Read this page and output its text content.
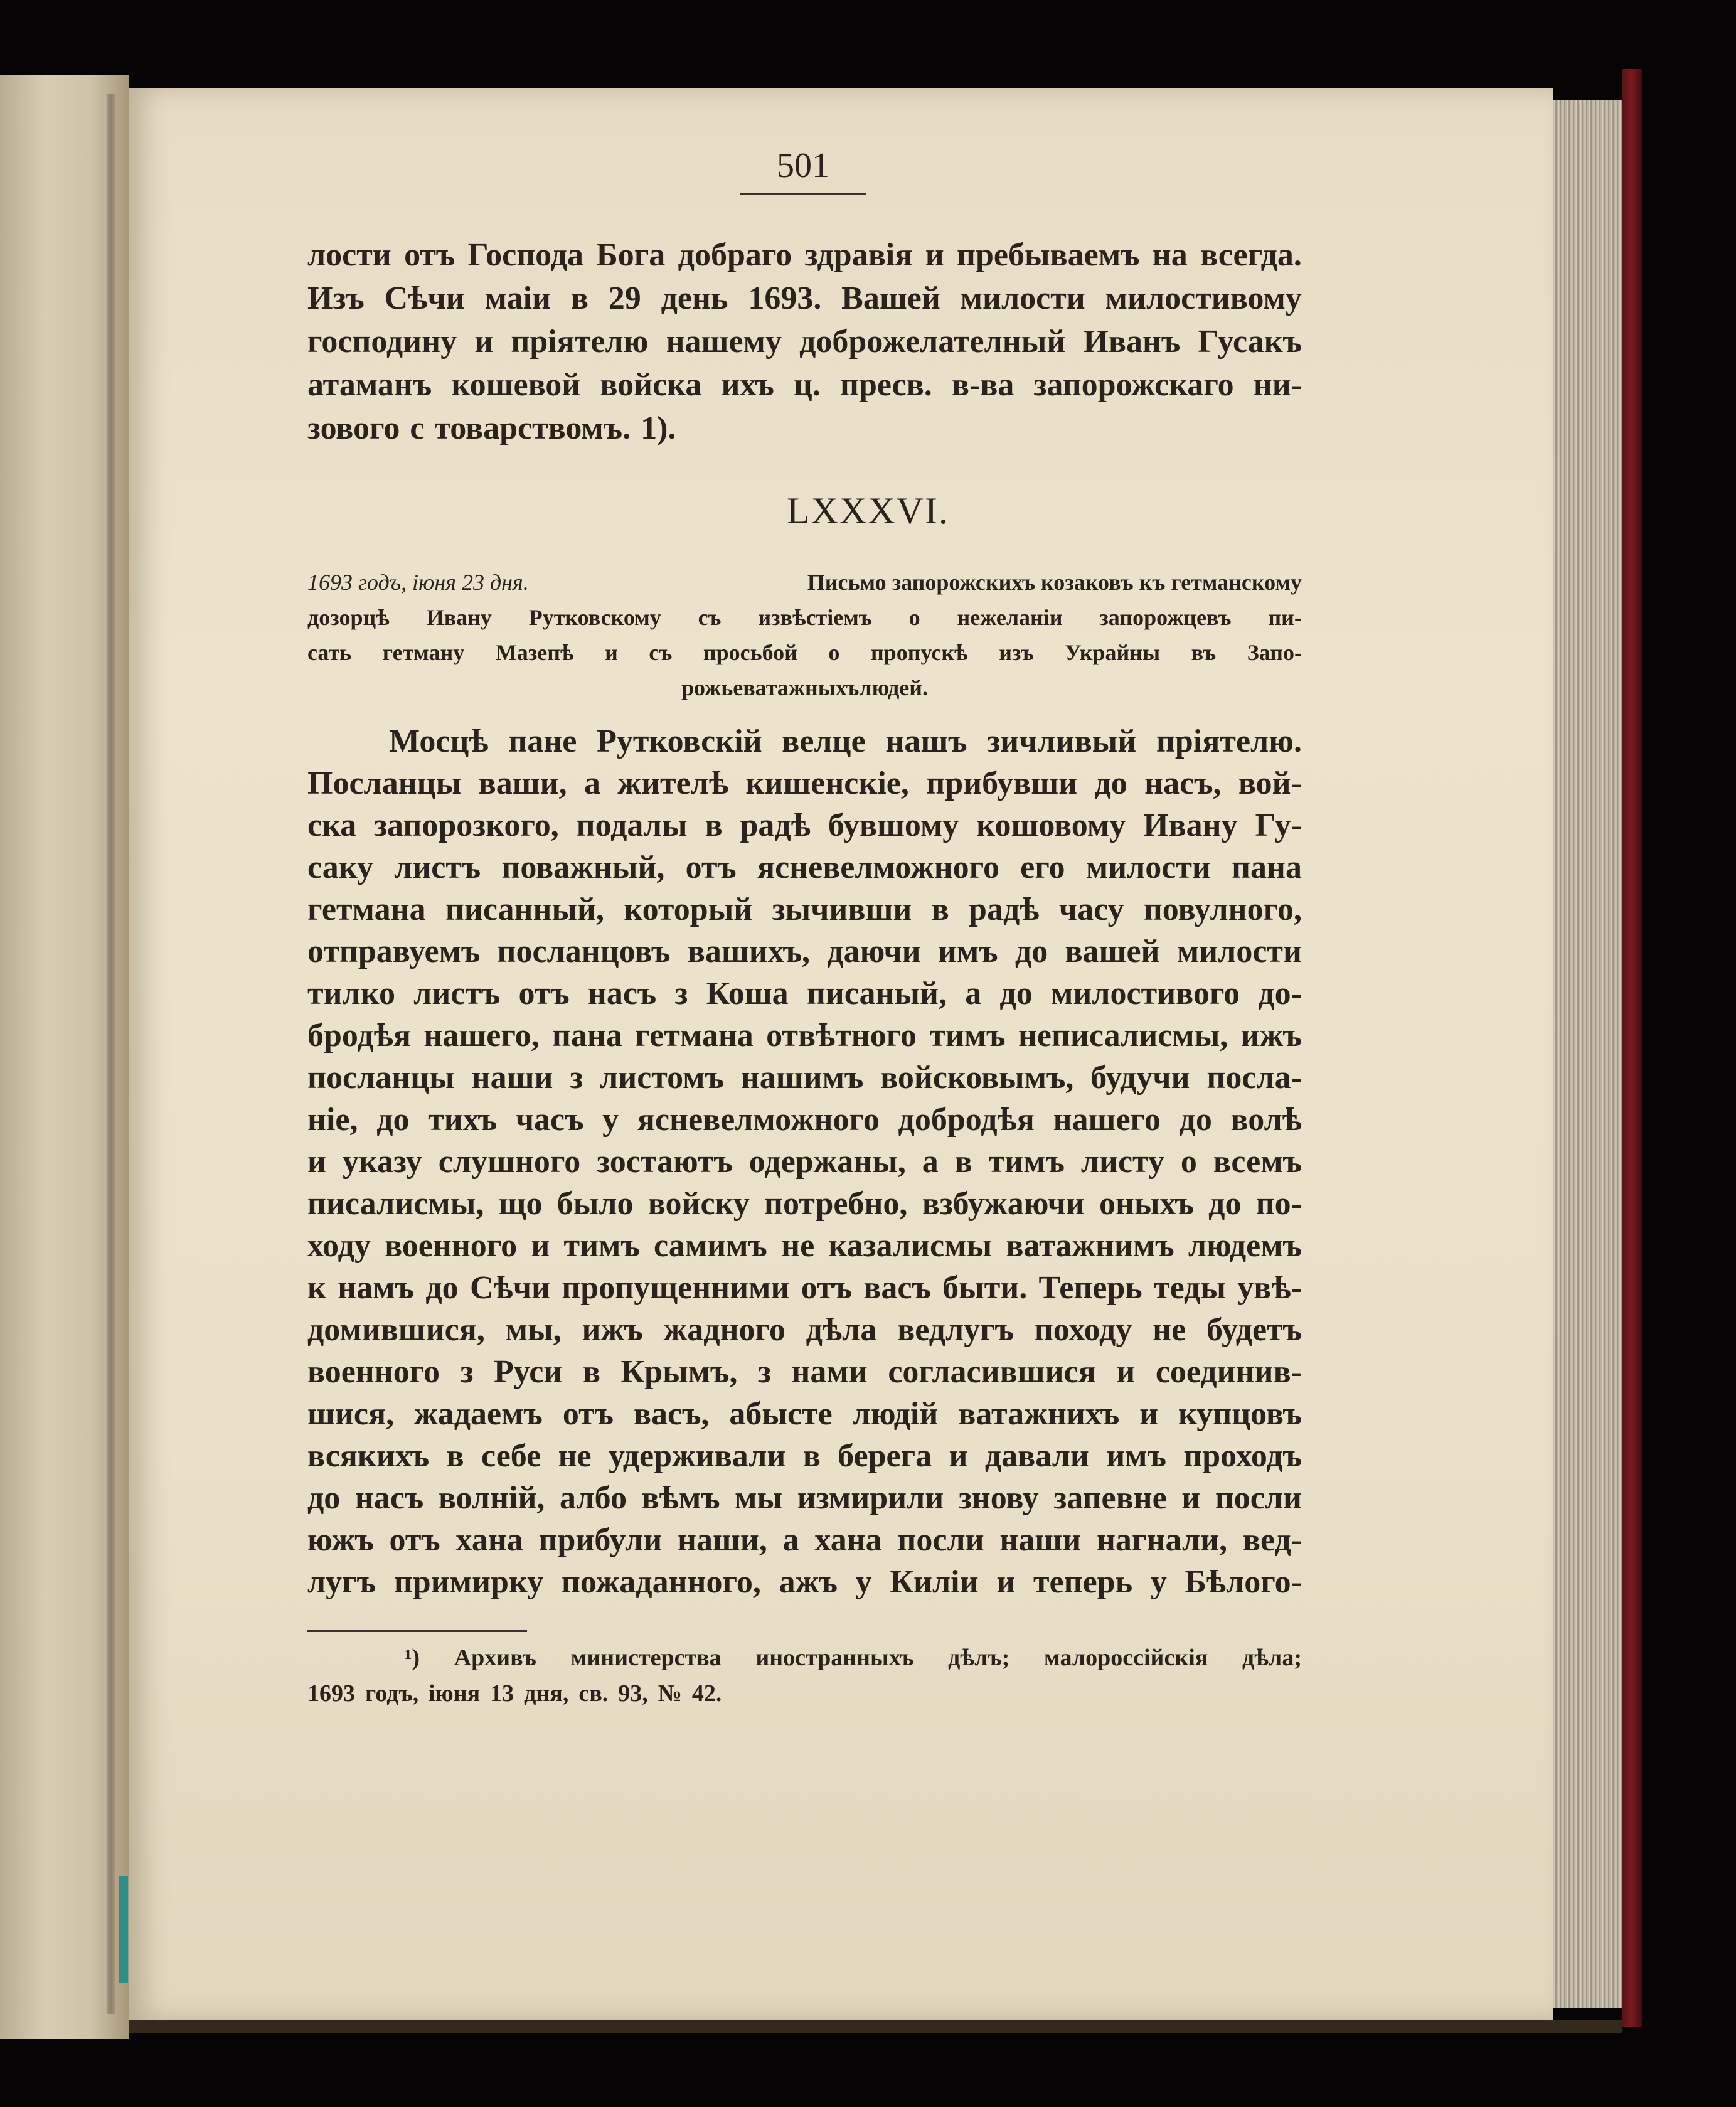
501
лости отъ Господа Бога добраго здравія и пребываемъ на всегда.
Изъ Сѣчи маіи в 29 день 1693. Вашей милости милостивому
господину и пріятелю нашему доброжелателный Иванъ Гусакъ
атаманъ кошевой войска ихъ ц. пресв. в-ва запорожскаго ни-
зового с товарствомъ. 1).
LXXXVI.
1693 годъ, іюня 23 дня.	Письмо запорожскихъ козаковъ къ гетманскому
дозорцѣ Ивану Рутковскому съ извѣстіемъ о нежеланіи запорожцевъ пи-
сать гетману Мазепѣ и съ просьбой о пропускѣ изъ Украйны въ Запо-
рожье ватажныхъ людей.
Мосцѣ пане Рутковскій велце нашъ зичливый пріятелю.
Посланцы ваши, а жителѣ кишенскіе, прибувши до насъ, вой-
ска запорозкого, подалы в радѣ бувшому кошовому Ивану Гу-
саку листъ поважный, отъ ясневелможного его милости пана
гетмана писанный, который зычивши в радѣ часу повулного,
отправуемъ посланцовъ вашихъ, даючи имъ до вашей милости
тилко листъ отъ насъ з Коша писаный, а до милостивого до-
бродѣя нашего, пана гетмана отвѣтного тимъ неписалисмы, ижъ
посланцы наши з листомъ нашимъ войсковымъ, будучи посла-
ніе, до тихъ часъ у ясневелможного добродѣя нашего до волѣ
и указу слушного зостаютъ одержаны, а в тимъ листу о всемъ
писалисмы, що было войску потребно, взбужаючи оныхъ до по-
ходу военного и тимъ самимъ не казалисмы ватажнимъ людемъ
к намъ до Сѣчи пропущенними отъ васъ быти. Теперь теды увѣ-
домившися, мы, ижъ жадного дѣла ведлугъ походу не будетъ
военного з Руси в Крымъ, з нами согласившися и соединив-
шися, жадаемъ отъ васъ, абысте людій ватажнихъ и купцовъ
всякихъ в себе не удерживали в берега и давали имъ проходъ
до насъ волній, албо вѣмъ мы измирили знову запевне и посли
южъ отъ хана прибули наши, а хана посли наши нагнали, вед-
лугъ примирку пожаданного, ажъ у Киліи и теперь у Бѣлого-
¹) Архивъ министерства иностранныхъ дѣлъ; малороссійскія дѣла;
1693 годъ, іюня 13 дня, св. 93, № 42.
